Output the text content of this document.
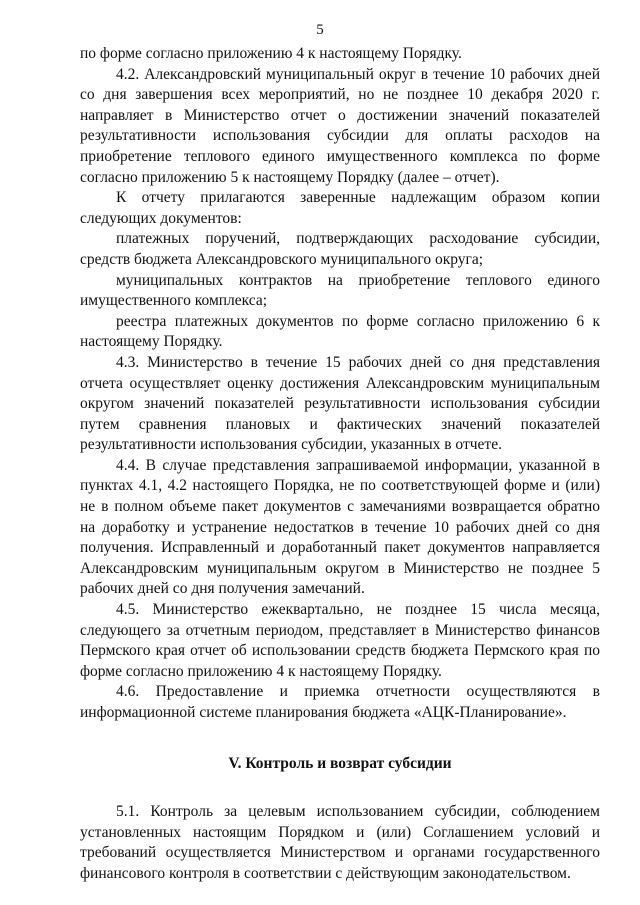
5

по форме согласно приложению 4 к настоящему Порядку.

4.2. Александровский муниципальный округ в течение 10 рабочих дней со дня завершения всех мероприятий, но не позднее 10 декабря 2020 г. направляет в Министерство отчет о достижении значений показателей результативности использования субсидии для оплаты расходов на приобретение теплового единого имущественного комплекса по форме согласно приложению 5 к настоящему Порядку (далее – отчет).

К отчету прилагаются заверенные надлежащим образом копии следующих документов:

платежных поручений, подтверждающих расходование субсидии, средств бюджета Александровского муниципального округа;

муниципальных контрактов на приобретение теплового единого имущественного комплекса;

реестра платежных документов по форме согласно приложению 6 к настоящему Порядку.

4.3. Министерство в течение 15 рабочих дней со дня представления отчета осуществляет оценку достижения Александровским муниципальным округом значений показателей результативности использования субсидии путем сравнения плановых и фактических значений показателей результативности использования субсидии, указанных в отчете.

4.4. В случае представления запрашиваемой информации, указанной в пунктах 4.1, 4.2 настоящего Порядка, не по соответствующей форме и (или) не в полном объеме пакет документов с замечаниями возвращается обратно на доработку и устранение недостатков в течение 10 рабочих дней со дня получения. Исправленный и доработанный пакет документов направляется Александровским муниципальным округом в Министерство не позднее 5 рабочих дней со дня получения замечаний.

4.5. Министерство ежеквартально, не позднее 15 числа месяца, следующего за отчетным периодом, представляет в Министерство финансов Пермского края отчет об использовании средств бюджета Пермского края по форме согласно приложению 4 к настоящему Порядку.

4.6. Предоставление и приемка отчетности осуществляются в информационной системе планирования бюджета «АЦК-Планирование».

V. Контроль и возврат субсидии

5.1. Контроль за целевым использованием субсидии, соблюдением установленных настоящим Порядком и (или) Соглашением условий и требований осуществляется Министерством и органами государственного финансового контроля в соответствии с действующим законодательством.
